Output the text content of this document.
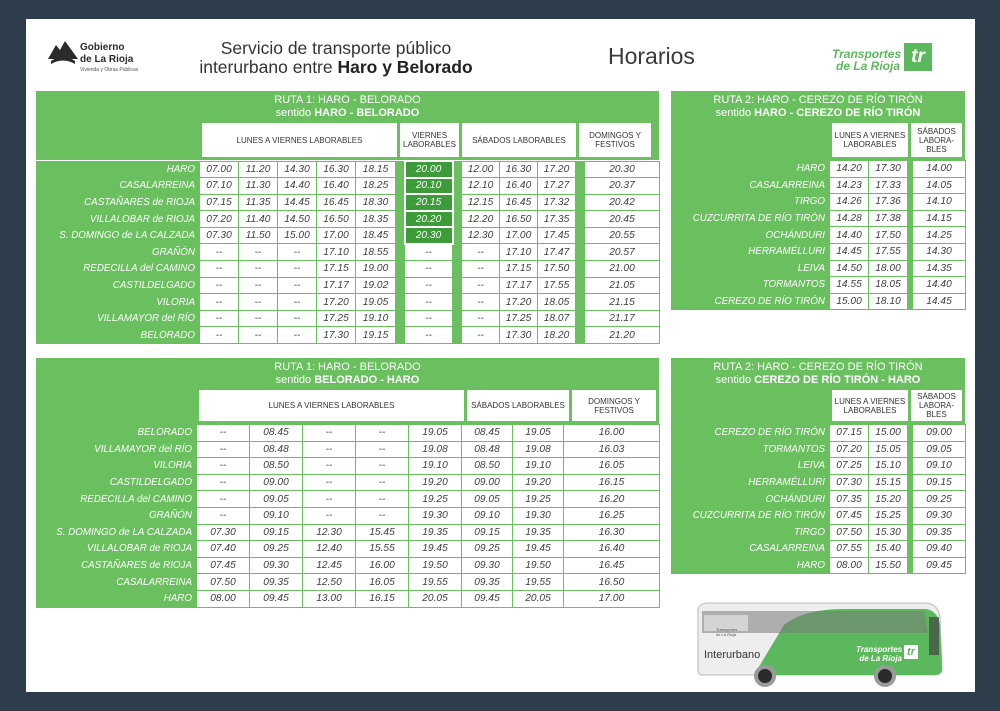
Gobierno
de La Rioja
Vivienda y Obras Públicas
Servicio de transporte público
interurbano entre Haro y Belorado	Horarios	Transportes
de La Rioja tr
RUTA 1: HARO - BELORADO
sentido HARO - BELORADO
LUNES A VIERNES LABORABLES	VIERNES LABORABLES	SÁBADOS LABORABLES	DOMINGOS Y FESTIVOS
HARO	07.00	11.20	14.30	16.30	18.15		20.00		12.00	16.30	17.20		20.30
CASALARREINA	07.10	11.30	14.40	16.40	18.25		20.10		12.10	16.40	17.27		20.37
CASTAÑARES de RIOJA	07.15	11.35	14.45	16.45	18.30		20.15		12.15	16.45	17.32		20.42
VILLALOBAR de RIOJA	07.20	11.40	14.50	16.50	18.35		20.20		12.20	16.50	17.35		20.45
S. DOMINGO de LA CALZADA	07.30	11.50	15.00	17.00	18.45		20.30		12.30	17.00	17.45		20.55
GRAÑÓN	--	--	--	17.10	18.55		--		--	17.10	17.47		20.57
REDECILLA del CAMINO	--	--	--	17.15	19.00		--		--	17.15	17.50		21.00
CASTILDELGADO	--	--	--	17.17	19.02		--		--	17.17	17.55		21.05
VILORIA	--	--	--	17.20	19.05		--		--	17.20	18.05		21.15
VILLAMAYOR del RÍO	--	--	--	17.25	19.10		--		--	17.25	18.07		21.17
BELORADO	--	--	--	17.30	19.15		--		--	17.30	18.20		21.20
RUTA 2: HARO - CEREZO DE RÍO TIRÓN
sentido HARO - CEREZO DE RÍO TIRÓN
LUNES A VIERNES LABORABLES
SÁBADOS LABORA-BLES
HARO	14.20	17.30		14.00
CASALARREINA	14.23	17.33		14.05
TIRGO	14.26	17.36		14.10
CUZCURRITA DE RÍO TIRÓN	14.28	17.38		14.15
OCHÁNDURI	14.40	17.50		14.25
HERRAMÉLLURI	14.45	17.55		14.30
LEIVA	14.50	18.00		14.35
TORMANTOS	14.55	18.05		14.40
CEREZO DE RÍO TIRÓN	15.00	18.10		14.45
RUTA 1: HARO - BELORADO
sentido BELORADO - HARO
LUNES A VIERNES LABORABLES	SÁBADOS LABORABLES	DOMINGOS Y FESTIVOS
BELORADO	--	08.45	--	--	19.05	08.45	19.05	16.00
VILLAMAYOR del RÍO	--	08.48	--	--	19.08	08.48	19.08	16.03
VILORIA	--	08.50	--	--	19.10	08.50	19.10	16.05
CASTILDELGADO	--	09.00	--	--	19.20	09.00	19.20	16.15
REDECILLA del CAMINO	--	09.05	--	--	19.25	09.05	19.25	16.20
GRAÑÓN	--	09.10	--	--	19.30	09.10	19.30	16.25
S. DOMINGO de LA CALZADA	07.30	09.15	12.30	15.45	19.35	09.15	19.35	16.30
VILLALOBAR de RIOJA	07.40	09.25	12.40	15.55	19.45	09.25	19.45	16.40
CASTAÑARES de RIOJA	07.45	09.30	12.45	16.00	19.50	09.30	19.50	16.45
CASALARREINA	07.50	09.35	12.50	16.05	19.55	09.35	19.55	16.50
HARO	08.00	09.45	13.00	16.15	20.05	09.45	20.05	17.00
RUTA 2: HARO - CEREZO DE RÍO TIRÓN
sentido CEREZO DE RÍO TIRÓN - HARO
LUNES A VIERNES LABORABLES
SÁBADOS LABORA-BLES
CEREZO DE RÍO TIRÓN	07.15	15.00		09.00
TORMANTOS	07.20	15.05		09.05
LEIVA	07.25	15.10		09.10
HERRAMÉLLURI	07.30	15.15		09.15
OCHÁNDURI	07.35	15.20		09.25
CUZCURRITA DE RÍO TIRÓN	07.45	15.25		09.30
TIRGO	07.50	15.30		09.35
CASALARREINA	07.55	15.40		09.40
HARO	08.00	15.50		09.45
Interurbano	Transportes
de La Rioja
tr
Transportes
de La Rioja
